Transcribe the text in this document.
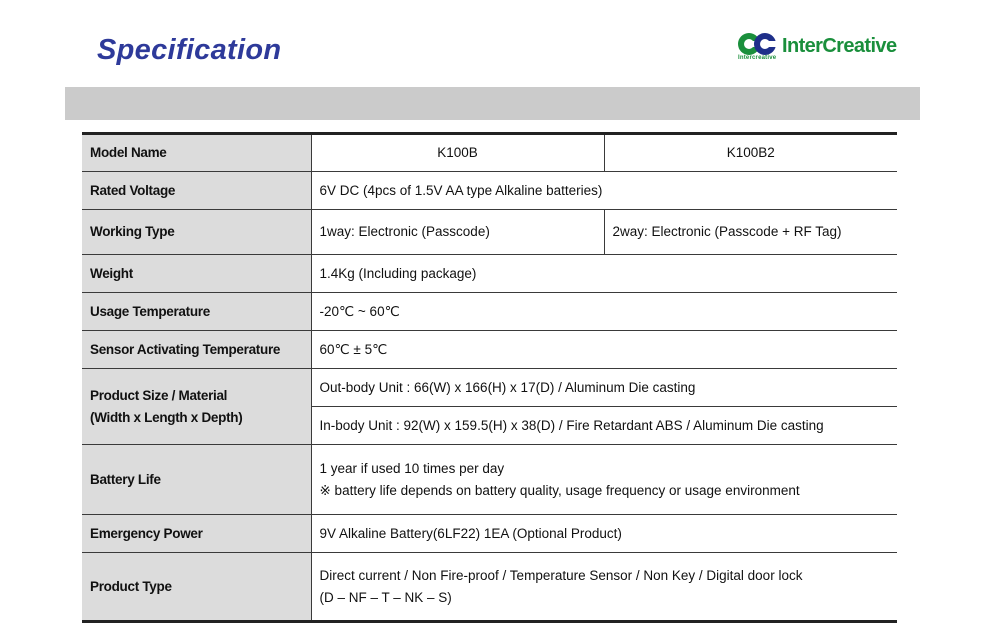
Specification	InterCreative
Intercreative
Model Name	K100B	K100B2
Rated Voltage	6V DC (4pcs of 1.5V AA type Alkaline batteries)	
Working Type	1way: Electronic (Passcode)	2way: Electronic (Passcode + RF Tag)
Weight	1.4Kg (Including package)	
Usage Temperature	-20℃ ~ 60℃	
Sensor Activating Temperature	60℃ ± 5℃	

Product Size / Material
(Width x Length x Depth)	Out-body Unit : 66(W) x 166(H) x 17(D) / Aluminum Die casting	
	In-body Unit : 92(W) x 159.5(H) x 38(D) / Fire Retardant ABS / Aluminum Die casting	
Battery Life	1 year if used 10 times per day
※ battery life depends on battery quality, usage frequency or usage environment	

Emergency Power	9V Alkaline Battery(6LF22) 1EA (Optional Product)	
Product Type	Direct current / Non Fire-proof / Temperature Sensor / Non Key / Digital door lock
(D – NF – T – NK – S)	
